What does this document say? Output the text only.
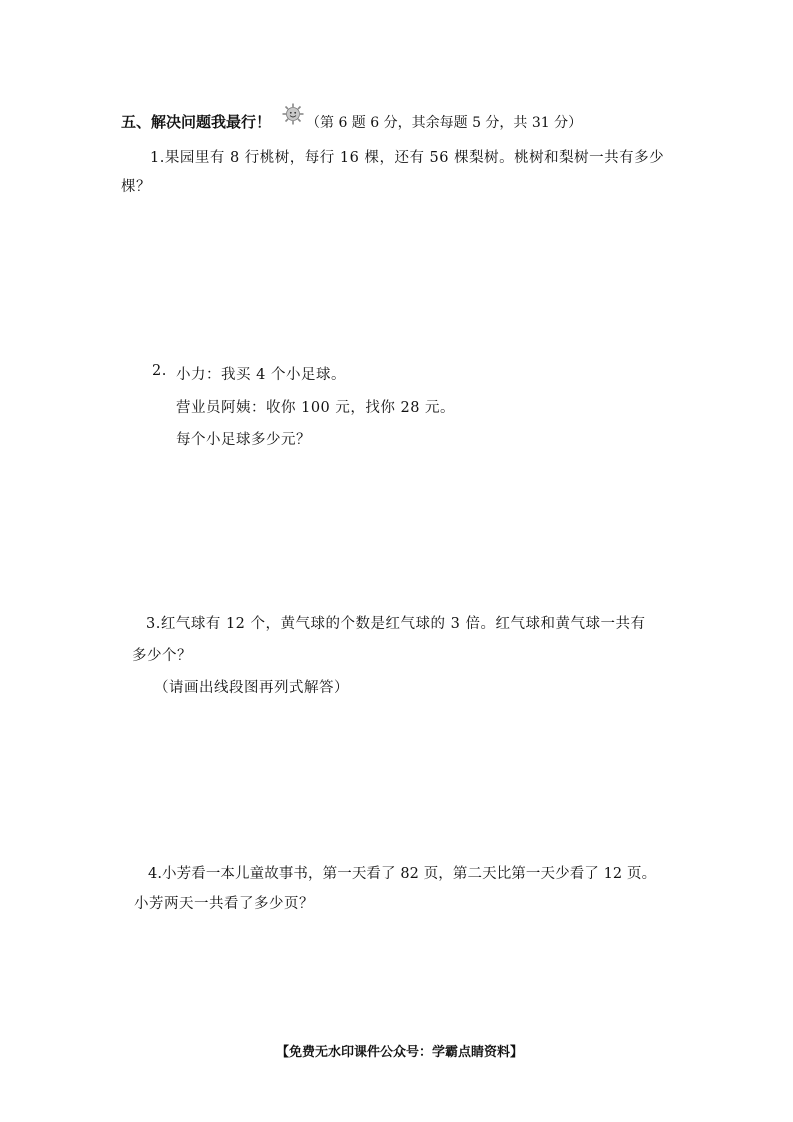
五、解决问题我最行！ （第 6 题 6 分，其余每题 5 分，共 31 分）
1.果园里有 8 行桃树，每行 16 棵，还有 56 棵梨树。桃树和梨树一共有多少
棵？
2. 小力：我买 4 个小足球。
营业员阿姨：收你 100 元，找你 28 元。
每个小足球多少元？
3.红气球有 12 个，黄气球的个数是红气球的 3 倍。红气球和黄气球一共有
多少个？
（请画出线段图再列式解答）
4.小芳看一本儿童故事书，第一天看了 82 页，第二天比第一天少看了 12 页。
小芳两天一共看了多少页？
【免费无水印课件公众号：学霸点睛资料】
